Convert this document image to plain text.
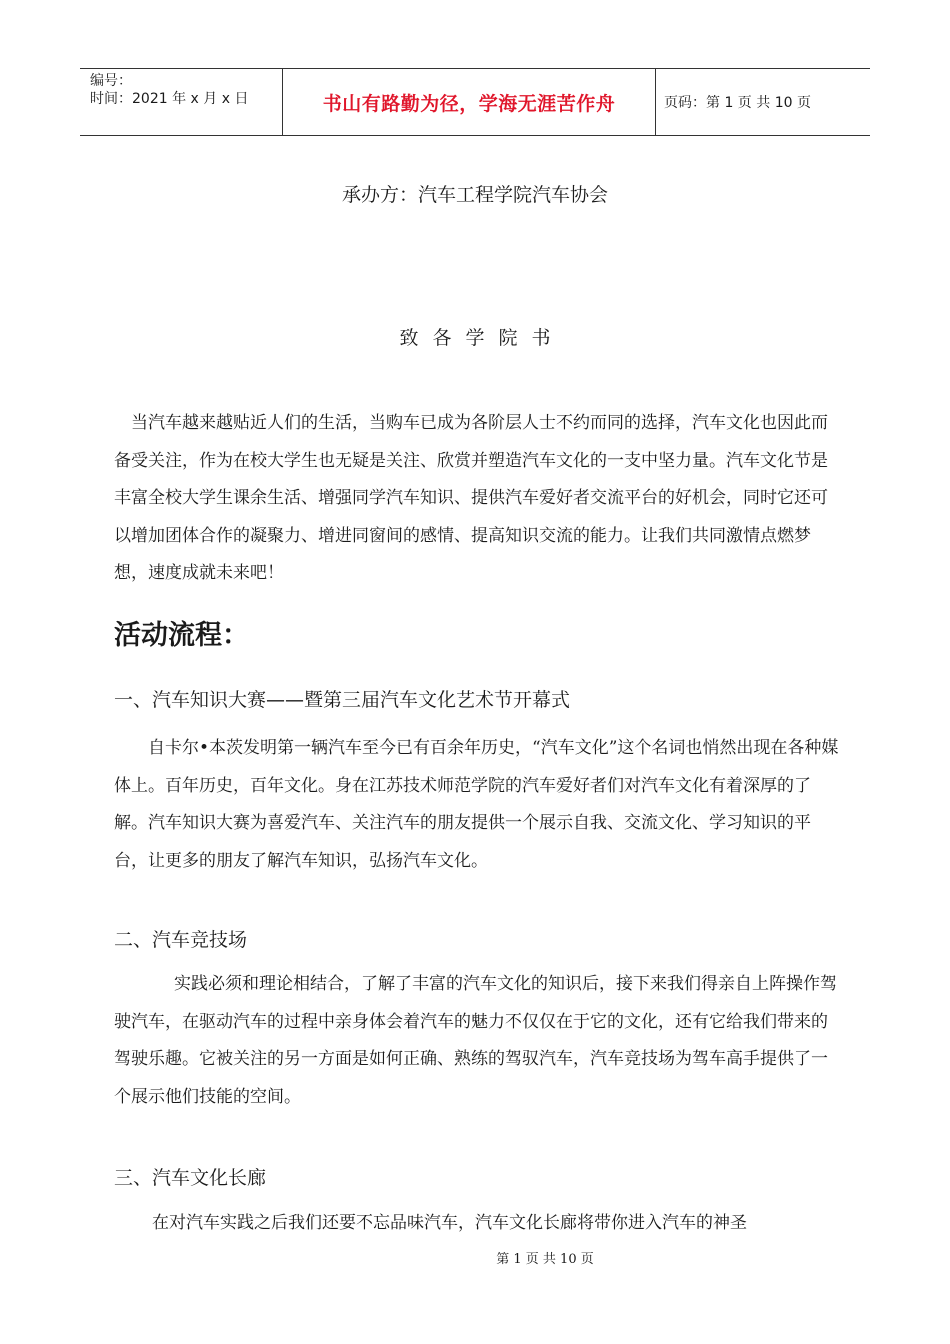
编号：
时间：2021 年 x 月 x 日	书山有路勤为径，学海无涯苦作舟	页码：第 1 页 共 10 页
承办方：汽车工程学院汽车协会
致各学院书

当汽车越来越贴近人们的生活，当购车已成为各阶层人士不约而同的选择，汽车文化也因此而备受关注，作为在校大学生也无疑是关注、欣赏并塑造汽车文化的一支中坚力量。汽车文化节是丰富全校大学生课余生活、增强同学汽车知识、提供汽车爱好者交流平台的好机会，同时它还可以增加团体合作的凝聚力、增进同窗间的感情、提高知识交流的能力。让我们共同激情点燃梦想，速度成就未来吧！

活动流程：
一、汽车知识大赛——暨第三届汽车文化艺术节开幕式

自卡尔•本茨发明第一辆汽车至今已有百余年历史，“汽车文化”这个名词也悄然出现在各种媒体上。百年历史，百年文化。身在江苏技术师范学院的汽车爱好者们对汽车文化有着深厚的了解。汽车知识大赛为喜爱汽车、关注汽车的朋友提供一个展示自我、交流文化、学习知识的平台，让更多的朋友了解汽车知识，弘扬汽车文化。

二、汽车竞技场

实践必须和理论相结合，了解了丰富的汽车文化的知识后，接下来我们得亲自上阵操作驾驶汽车，在驱动汽车的过程中亲身体会着汽车的魅力不仅仅在于它的文化，还有它给我们带来的驾驶乐趣。它被关注的另一方面是如何正确、熟练的驾驭汽车，汽车竞技场为驾车高手提供了一个展示他们技能的空间。

三、汽车文化长廊

在对汽车实践之后我们还要不忘品味汽车，汽车文化长廊将带你进入汽车的神圣

第 1 页 共 10 页
